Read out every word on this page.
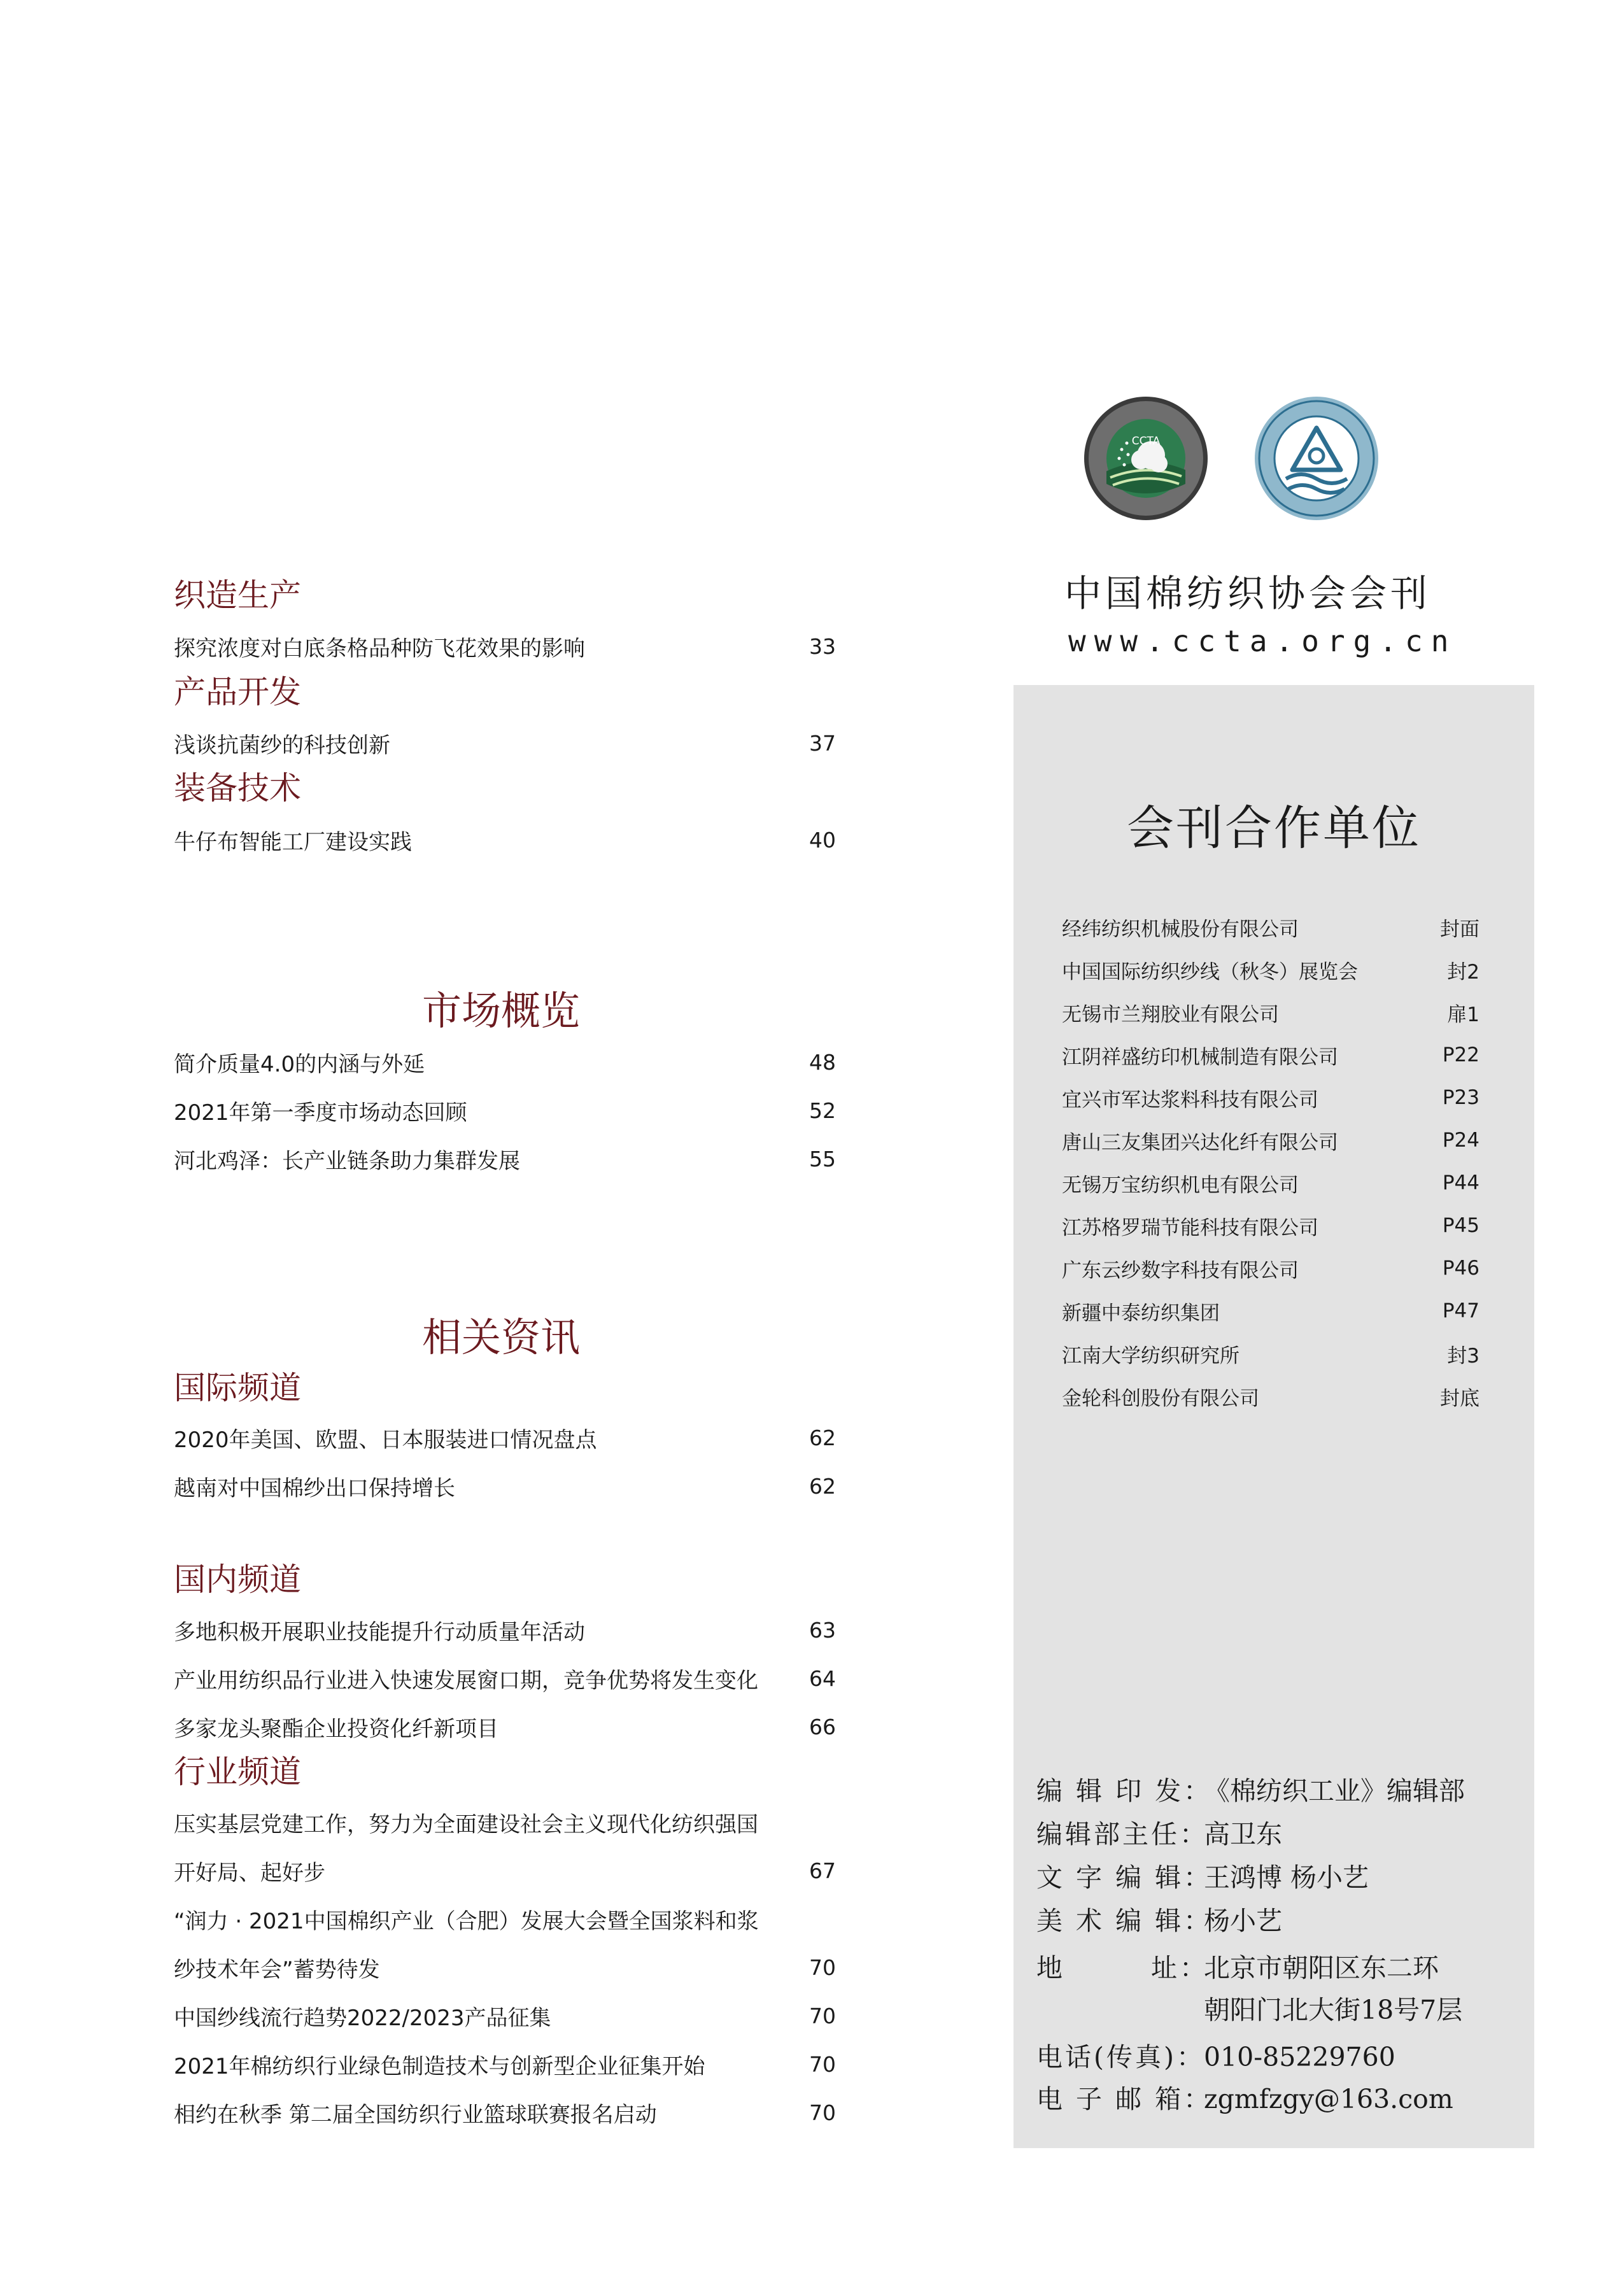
织造生产
探究浓度对白底条格品种防飞花效果的影响	33
产品开发
浅谈抗菌纱的科技创新	37
装备技术
牛仔布智能工厂建设实践	40
市场概览
简介质量4.0的内涵与外延	48
2021年第一季度市场动态回顾	52
河北鸡泽：长产业链条助力集群发展	55
相关资讯
国际频道
2020年美国、欧盟、日本服装进口情况盘点	62
越南对中国棉纱出口保持增长	62
国内频道
多地积极开展职业技能提升行动质量年活动	63
产业用纺织品行业进入快速发展窗口期，竞争优势将发生变化 64
多家龙头聚酯企业投资化纤新项目	66
行业频道
压实基层党建工作，努力为全面建设社会主义现代化纺织强国
开好局、起好步	67
“润力 · 2021中国棉织产业（合肥）发展大会暨全国浆料和浆
纱技术年会”蓄势待发	70
中国纱线流行趋势2022/2023产品征集	70
2021年棉纺织行业绿色制造技术与创新型企业征集开始	70
相约在秋季 第二届全国纺织行业篮球联赛报名启动	70
CCTA
中国棉纺织协会会刊
www.ccta.org.cn
会刊合作单位
经纬纺织机械股份有限公司	封面
中国国际纺织纱线（秋冬）展览会	封2
无锡市兰翔胶业有限公司	扉1
江阴祥盛纺印机械制造有限公司	P22
宜兴市军达浆料科技有限公司	P23
唐山三友集团兴达化纤有限公司	P24
无锡万宝纺织机电有限公司	P44
江苏格罗瑞节能科技有限公司	P45
广东云纱数字科技有限公司	P46
新疆中泰纺织集团	P47
江南大学纺织研究所	封3
金轮科创股份有限公司	封底
编 辑 印 发：《棉纺织工业》编辑部
编辑部主任：高卫东
文 字 编 辑：王鸿博 杨小艺
美 术 编 辑：杨小艺
地　　　址：北京市朝阳区东二环
朝阳门北大街18号7层
电话(传真)：010-85229760
电 子 邮 箱：zgmfzgy@163.com
